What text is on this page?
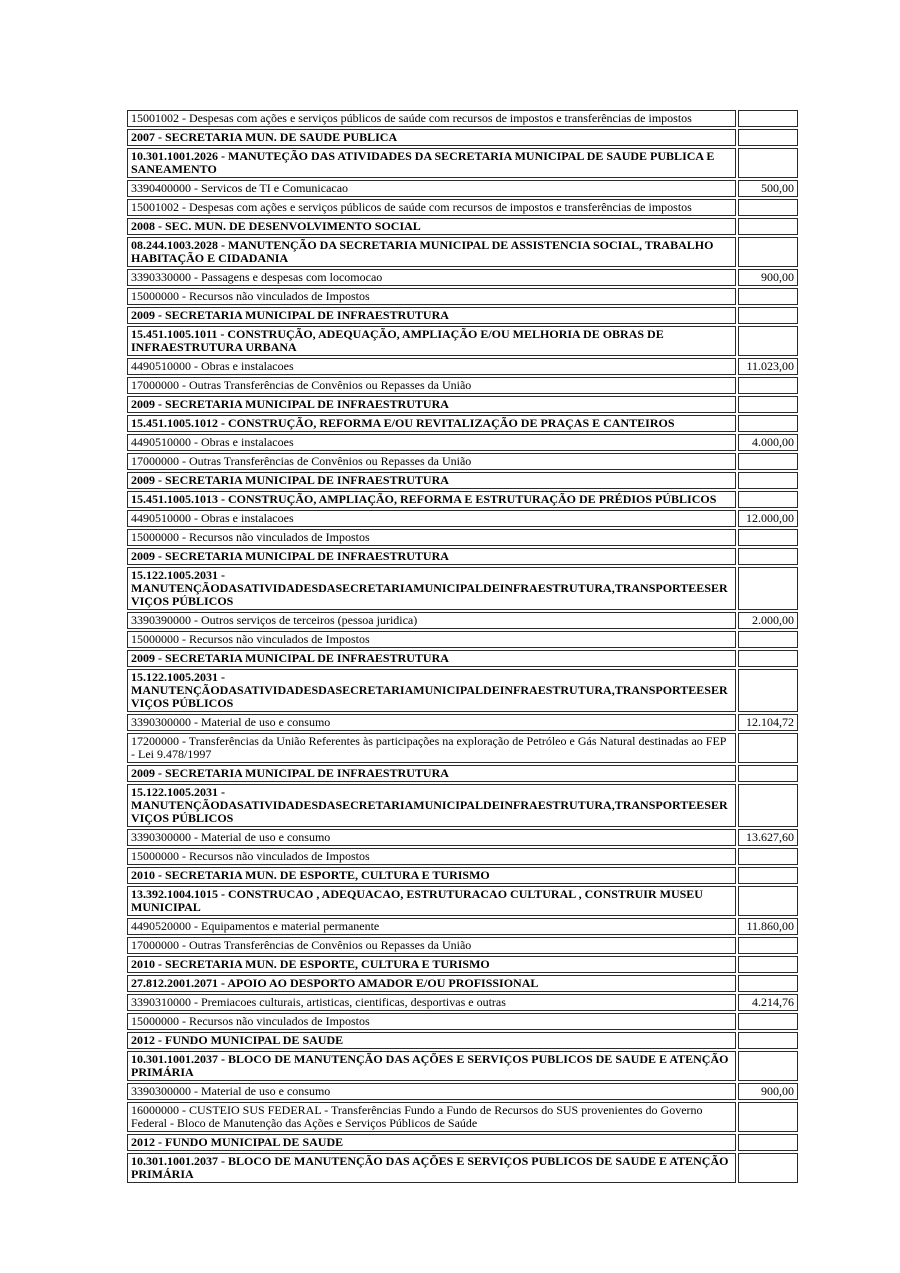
15001002 - Despesas com ações e serviços públicos de saúde com recursos de impostos e transferências de impostos	
2007 - SECRETARIA MUN. DE SAUDE PUBLICA	
10.301.1001.2026 - MANUTEÇÃO DAS ATIVIDADES DA SECRETARIA MUNICIPAL DE SAUDE PUBLICA E SANEAMENTO	
3390400000 - Servicos de TI e Comunicacao	500,00
15001002 - Despesas com ações e serviços públicos de saúde com recursos de impostos e transferências de impostos	
2008 - SEC. MUN. DE DESENVOLVIMENTO SOCIAL	
08.244.1003.2028 - MANUTENÇÃO DA SECRETARIA MUNICIPAL DE ASSISTENCIA SOCIAL, TRABALHO HABITAÇÃO E CIDADANIA	
3390330000 - Passagens e despesas com locomocao	900,00
15000000 - Recursos não vinculados de Impostos	
2009 - SECRETARIA MUNICIPAL DE INFRAESTRUTURA	
15.451.1005.1011 - CONSTRUÇÃO, ADEQUAÇÃO, AMPLIAÇÃO E/OU MELHORIA DE OBRAS DE INFRAESTRUTURA URBANA	
4490510000 - Obras e instalacoes	11.023,00
17000000 - Outras Transferências de Convênios ou Repasses da União	
2009 - SECRETARIA MUNICIPAL DE INFRAESTRUTURA	
15.451.1005.1012 - CONSTRUÇÃO, REFORMA E/OU REVITALIZAÇÃO DE PRAÇAS E CANTEIROS	
4490510000 - Obras e instalacoes	4.000,00
17000000 - Outras Transferências de Convênios ou Repasses da União	
2009 - SECRETARIA MUNICIPAL DE INFRAESTRUTURA	
15.451.1005.1013 - CONSTRUÇÃO, AMPLIAÇÃO, REFORMA E ESTRUTURAÇÃO DE PRÉDIOS PÚBLICOS	
4490510000 - Obras e instalacoes	12.000,00
15000000 - Recursos não vinculados de Impostos	
2009 - SECRETARIA MUNICIPAL DE INFRAESTRUTURA	
15.122.1005.2031 - MANUTENÇÃODASATIVIDADESDASECRETARIAMUNICIPALDEINFRAESTRUTURA,TRANSPORTEESERVIÇOS PÚBLICOS	
3390390000 - Outros serviços de terceiros (pessoa juridica)	2.000,00
15000000 - Recursos não vinculados de Impostos	
2009 - SECRETARIA MUNICIPAL DE INFRAESTRUTURA	
15.122.1005.2031 - MANUTENÇÃODASATIVIDADESDASECRETARIAMUNICIPALDEINFRAESTRUTURA,TRANSPORTEESERVIÇOS PÚBLICOS	
3390300000 - Material de uso e consumo	12.104,72
17200000 - Transferências da União Referentes às participações na exploração de Petróleo e Gás Natural destinadas ao FEP - Lei 9.478/1997	
2009 - SECRETARIA MUNICIPAL DE INFRAESTRUTURA	
15.122.1005.2031 - MANUTENÇÃODASATIVIDADESDASECRETARIAMUNICIPALDEINFRAESTRUTURA,TRANSPORTEESERVIÇOS PÚBLICOS	
3390300000 - Material de uso e consumo	13.627,60
15000000 - Recursos não vinculados de Impostos	
2010 - SECRETARIA MUN. DE ESPORTE, CULTURA E TURISMO	
13.392.1004.1015 - CONSTRUCAO , ADEQUACAO, ESTRUTURACAO CULTURAL , CONSTRUIR MUSEU MUNICIPAL	
4490520000 - Equipamentos e material permanente	11.860,00
17000000 - Outras Transferências de Convênios ou Repasses da União	
2010 - SECRETARIA MUN. DE ESPORTE, CULTURA E TURISMO	
27.812.2001.2071 - APOIO AO DESPORTO AMADOR E/OU PROFISSIONAL	
3390310000 - Premiacoes culturais, artisticas, cientificas, desportivas e outras	4.214,76
15000000 - Recursos não vinculados de Impostos	
2012 - FUNDO MUNICIPAL DE SAUDE	
10.301.1001.2037 - BLOCO DE MANUTENÇÃO DAS AÇÕES E SERVIÇOS PUBLICOS DE SAUDE E ATENÇÃO PRIMÁRIA	
3390300000 - Material de uso e consumo	900,00
16000000 - CUSTEIO SUS FEDERAL - Transferências Fundo a Fundo de Recursos do SUS provenientes do Governo Federal - Bloco de Manutenção das Ações e Serviços Públicos de Saúde	
2012 - FUNDO MUNICIPAL DE SAUDE	
10.301.1001.2037 - BLOCO DE MANUTENÇÃO DAS AÇÕES E SERVIÇOS PUBLICOS DE SAUDE E ATENÇÃO PRIMÁRIA	
